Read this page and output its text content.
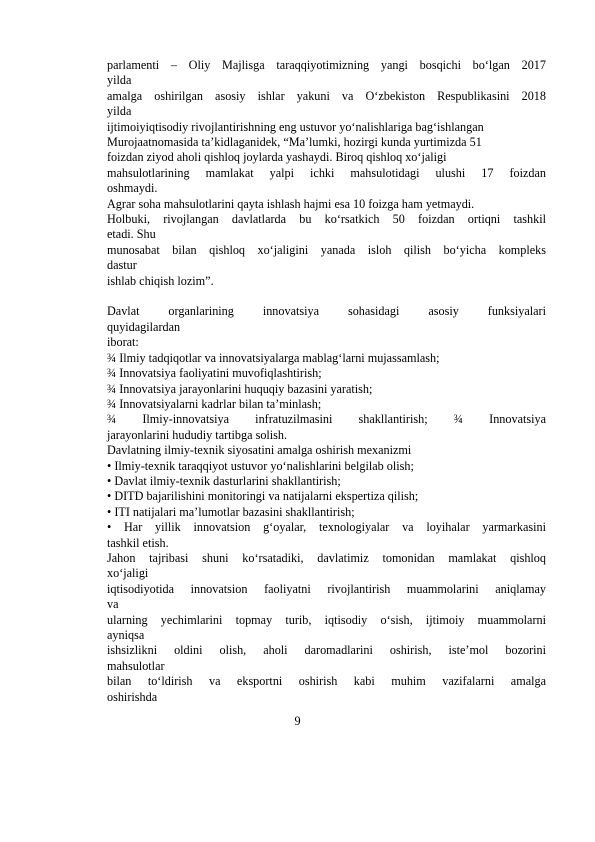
parlamenti – Oliy Majlisga taraqqiyotimizning yangi bosqichi bo‘lgan 2017
yilda
amalga oshirilgan asosiy ishlar yakuni va O‘zbekiston Respublikasini 2018
yilda
ijtimoiyiqtisodiy rivojlantirishning eng ustuvor yo‘nalishlariga bag‘ishlangan
Murojaatnomasida ta’kidlaganidek, “Ma’lumki, hozirgi kunda yurtimizda 51
foizdan ziyod aholi qishloq joylarda yashaydi. Biroq qishloq xo‘jaligi
mahsulotlarining mamlakat yalpi ichki mahsulotidagi ulushi 17 foizdan
oshmaydi.
Agrar soha mahsulotlarini qayta ishlash hajmi esa 10 foizga ham yetmaydi.
Holbuki, rivojlangan davlatlarda bu ko‘rsatkich 50 foizdan ortiqni tashkil
etadi. Shu
munosabat bilan qishloq xo‘jaligini yanada isloh qilish bo‘yicha kompleks
dastur
ishlab chiqish lozim”.
Davlat organlarining innovatsiya sohasidagi asosiy funksiyalari
quyidagilardan
iborat:
¾ Ilmiy tadqiqotlar va innovatsiyalarga mablag‘larni mujassamlash;
¾ Innovatsiya faoliyatini muvofiqlashtirish;
¾ Innovatsiya jarayonlarini huquqiy bazasini yaratish;
¾ Innovatsiyalarni kadrlar bilan ta’minlash;
¾ Ilmiy-innovatsiya infratuzilmasini shakllantirish; ¾ Innovatsiya
jarayonlarini hududiy tartibga solish.
Davlatning ilmiy-texnik siyosatini amalga oshirish mexanizmi
• Ilmiy-texnik taraqqiyot ustuvor yo‘nalishlarini belgilab olish;
• Davlat ilmiy-texnik dasturlarini shakllantirish;
• DITD bajarilishini monitoringi va natijalarni ekspertiza qilish;
• ITI natijalari ma’lumotlar bazasini shakllantirish;
• Har yillik innovatsion g‘oyalar, texnologiyalar va loyihalar yarmarkasini
tashkil etish.
Jahon tajribasi shuni ko‘rsatadiki, davlatimiz tomonidan mamlakat qishloq
xo‘jaligi
iqtisodiyotida innovatsion faoliyatni rivojlantirish muammolarini aniqlamay
va
ularning yechimlarini topmay turib, iqtisodiy o‘sish, ijtimoiy muammolarni
ayniqsa
ishsizlikni oldini olish, aholi daromadlarini oshirish, iste’mol bozorini
mahsulotlar
bilan to‘ldirish va eksportni oshirish kabi muhim vazifalarni amalga
oshirishda
9
